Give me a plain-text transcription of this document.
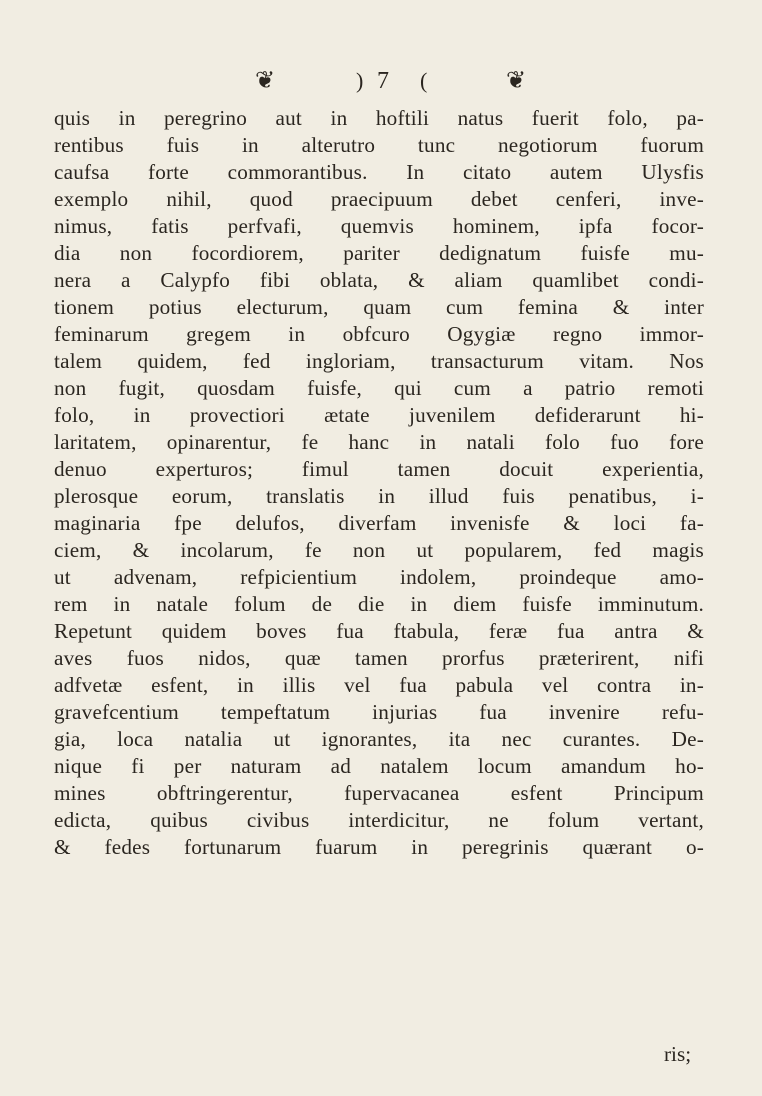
❦	) 7 (	❦
quis in peregrino aut in hoftili natus fuerit folo, pa-
rentibus fuis in alterutro tunc negotiorum fuorum
caufsa forte commorantibus. In citato autem Ulysfis
exemplo nihil, quod praecipuum debet cenferi, inve-
nimus, fatis perfvafi, quemvis hominem, ipfa focor-
dia non focordiorem, pariter dedignatum fuisfe mu-
nera a Calypfo fibi oblata, & aliam quamlibet condi-
tionem potius electurum, quam cum femina & inter
feminarum gregem in obfcuro Ogygiæ regno immor-
talem quidem, fed ingloriam, transacturum vitam. Nos
non fugit, quosdam fuisfe, qui cum a patrio remoti
folo, in provectiori ætate juvenilem defiderarunt hi-
laritatem, opinarentur, fe hanc in natali folo fuo fore
denuo experturos; fimul tamen docuit experientia,
plerosque eorum, translatis in illud fuis penatibus, i-
maginaria fpe delufos, diverfam invenisfe & loci fa-
ciem, & incolarum, fe non ut popularem, fed magis
ut advenam, refpicientium indolem, proindeque amo-
rem in natale folum de die in diem fuisfe imminutum.
Repetunt quidem boves fua ftabula, feræ fua antra &
aves fuos nidos, quæ tamen prorfus præterirent, nifi
adfvetæ esfent, in illis vel fua pabula vel contra in-
gravefcentium tempeftatum injurias fua invenire refu-
gia, loca natalia ut ignorantes, ita nec curantes. De-
nique fi per naturam ad natalem locum amandum ho-
mines obftringerentur, fupervacanea esfent Principum
edicta, quibus civibus interdicitur, ne folum vertant,
& fedes fortunarum fuarum in peregrinis quærant o-
ris;
